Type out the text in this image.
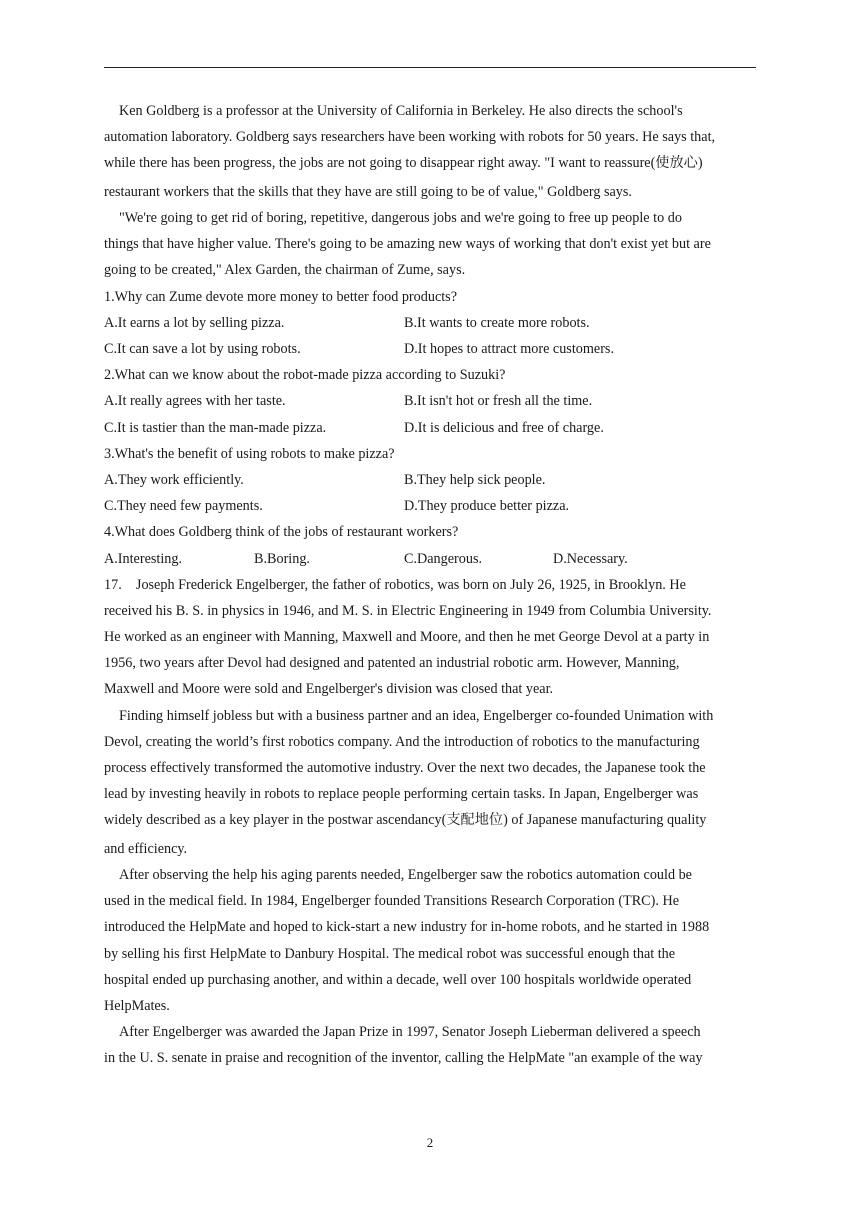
Ken Goldberg is a professor at the University of California in Berkeley. He also directs the school's
automation laboratory. Goldberg says researchers have been working with robots for 50 years. He says that,
while there has been progress, the jobs are not going to disappear right away. "I want to reassure(使放心)
restaurant workers that the skills that they have are still going to be of value," Goldberg says.
"We're going to get rid of boring, repetitive, dangerous jobs and we're going to free up people to do
things that have higher value. There's going to be amazing new ways of working that don't exist yet but are
going to be created," Alex Garden, the chairman of Zume, says.
1.Why can Zume devote more money to better food products?
A.It earns a lot by selling pizza.	B.It wants to create more robots.
C.It can save a lot by using robots.	D.It hopes to attract more customers.
2.What can we know about the robot-made pizza according to Suzuki?
A.It really agrees with her taste.	B.It isn't hot or fresh all the time.
C.It is tastier than the man-made pizza.	D.It is delicious and free of charge.
3.What's the benefit of using robots to make pizza?
A.They work efficiently.	B.They help sick people.
C.They need few payments.	D.They produce better pizza.
4.What does Goldberg think of the jobs of restaurant workers?
A.Interesting.	B.Boring.	C.Dangerous.	D.Necessary.
17.    Joseph Frederick Engelberger, the father of robotics, was born on July 26, 1925, in Brooklyn. He
received his B. S. in physics in 1946, and M. S. in Electric Engineering in 1949 from Columbia University.
He worked as an engineer with Manning, Maxwell and Moore, and then he met George Devol at a party in
1956, two years after Devol had designed and patented an industrial robotic arm. However, Manning,
Maxwell and Moore were sold and Engelberger's division was closed that year.
Finding himself jobless but with a business partner and an idea, Engelberger co-founded Unimation with
Devol, creating the world’s first robotics company. And the introduction of robotics to the manufacturing
process effectively transformed the automotive industry. Over the next two decades, the Japanese took the
lead by investing heavily in robots to replace people performing certain tasks. In Japan, Engelberger was
widely described as a key player in the postwar ascendancy(支配地位) of Japanese manufacturing quality
and efficiency.
After observing the help his aging parents needed, Engelberger saw the robotics automation could be
used in the medical field. In 1984, Engelberger founded Transitions Research Corporation (TRC). He
introduced the HelpMate and hoped to kick-start a new industry for in-home robots, and he started in 1988
by selling his first HelpMate to Danbury Hospital. The medical robot was successful enough that the
hospital ended up purchasing another, and within a decade, well over 100 hospitals worldwide operated
HelpMates.
After Engelberger was awarded the Japan Prize in 1997, Senator Joseph Lieberman delivered a speech
in the U. S. senate in praise and recognition of the inventor, calling the HelpMate "an example of the way
2
